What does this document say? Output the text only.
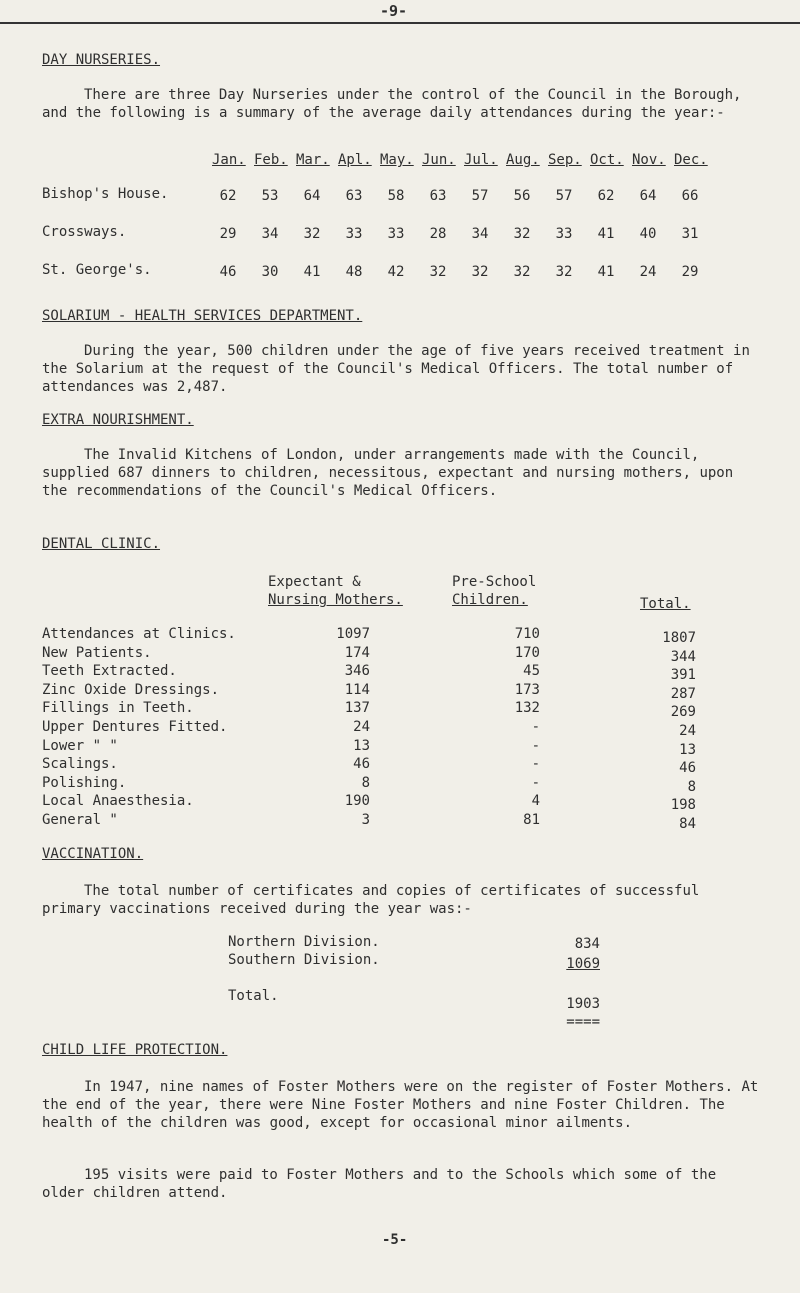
-9-
DAY NURSERIES.
There are three Day Nurseries under the control of the Council in the Borough, and the following is a summary of the average daily attendances during the year:-
Jan. Feb. Mar. Apl. May. Jun. Jul. Aug. Sep. Oct. Nov. Dec.
Bishop's House.	62	53	64	63	58	63	57	56	57	62	64	66
Crossways.	29	34	32	33	33	28	34	32	33	41	40	31
St. George's.	46	30	41	48	42	32	32	32	32	41	24	29
SOLARIUM - HEALTH SERVICES DEPARTMENT.
During the year, 500 children under the age of five years received treatment in the Solarium at the request of the Council's Medical Officers. The total number of attendances was 2,487.
EXTRA NOURISHMENT.
The Invalid Kitchens of London, under arrangements made with the Council, supplied 687 dinners to children, necessitous, expectant and nursing mothers, upon the recommendations of the Council's Medical Officers.
DENTAL CLINIC.
Expectant &
Nursing Mothers.
Pre-School
Children.	Total.
Attendances at Clinics.	1097	710	1807
New Patients.	174	170	344
Teeth Extracted.	346	45	391
Zinc Oxide Dressings.	114	173	287
Fillings in Teeth.	137	132	269
Upper Dentures Fitted.	24	-	24
Lower " "	13	-	13
Scalings.	46	-	46
Polishing.	8	-	8
Local Anaesthesia.	190	4	198
General "	3	81	84
VACCINATION.
The total number of certificates and copies of certificates of successful primary vaccinations received during the year was:-
Northern Division.	834
Southern Division.	1069
Total.	1903
====
CHILD LIFE PROTECTION.
In 1947, nine names of Foster Mothers were on the register of Foster Mothers. At the end of the year, there were Nine Foster Mothers and nine Foster Children. The health of the children was good, except for occasional minor ailments.
195 visits were paid to Foster Mothers and to the Schools which some of the older children attend.
-5-
